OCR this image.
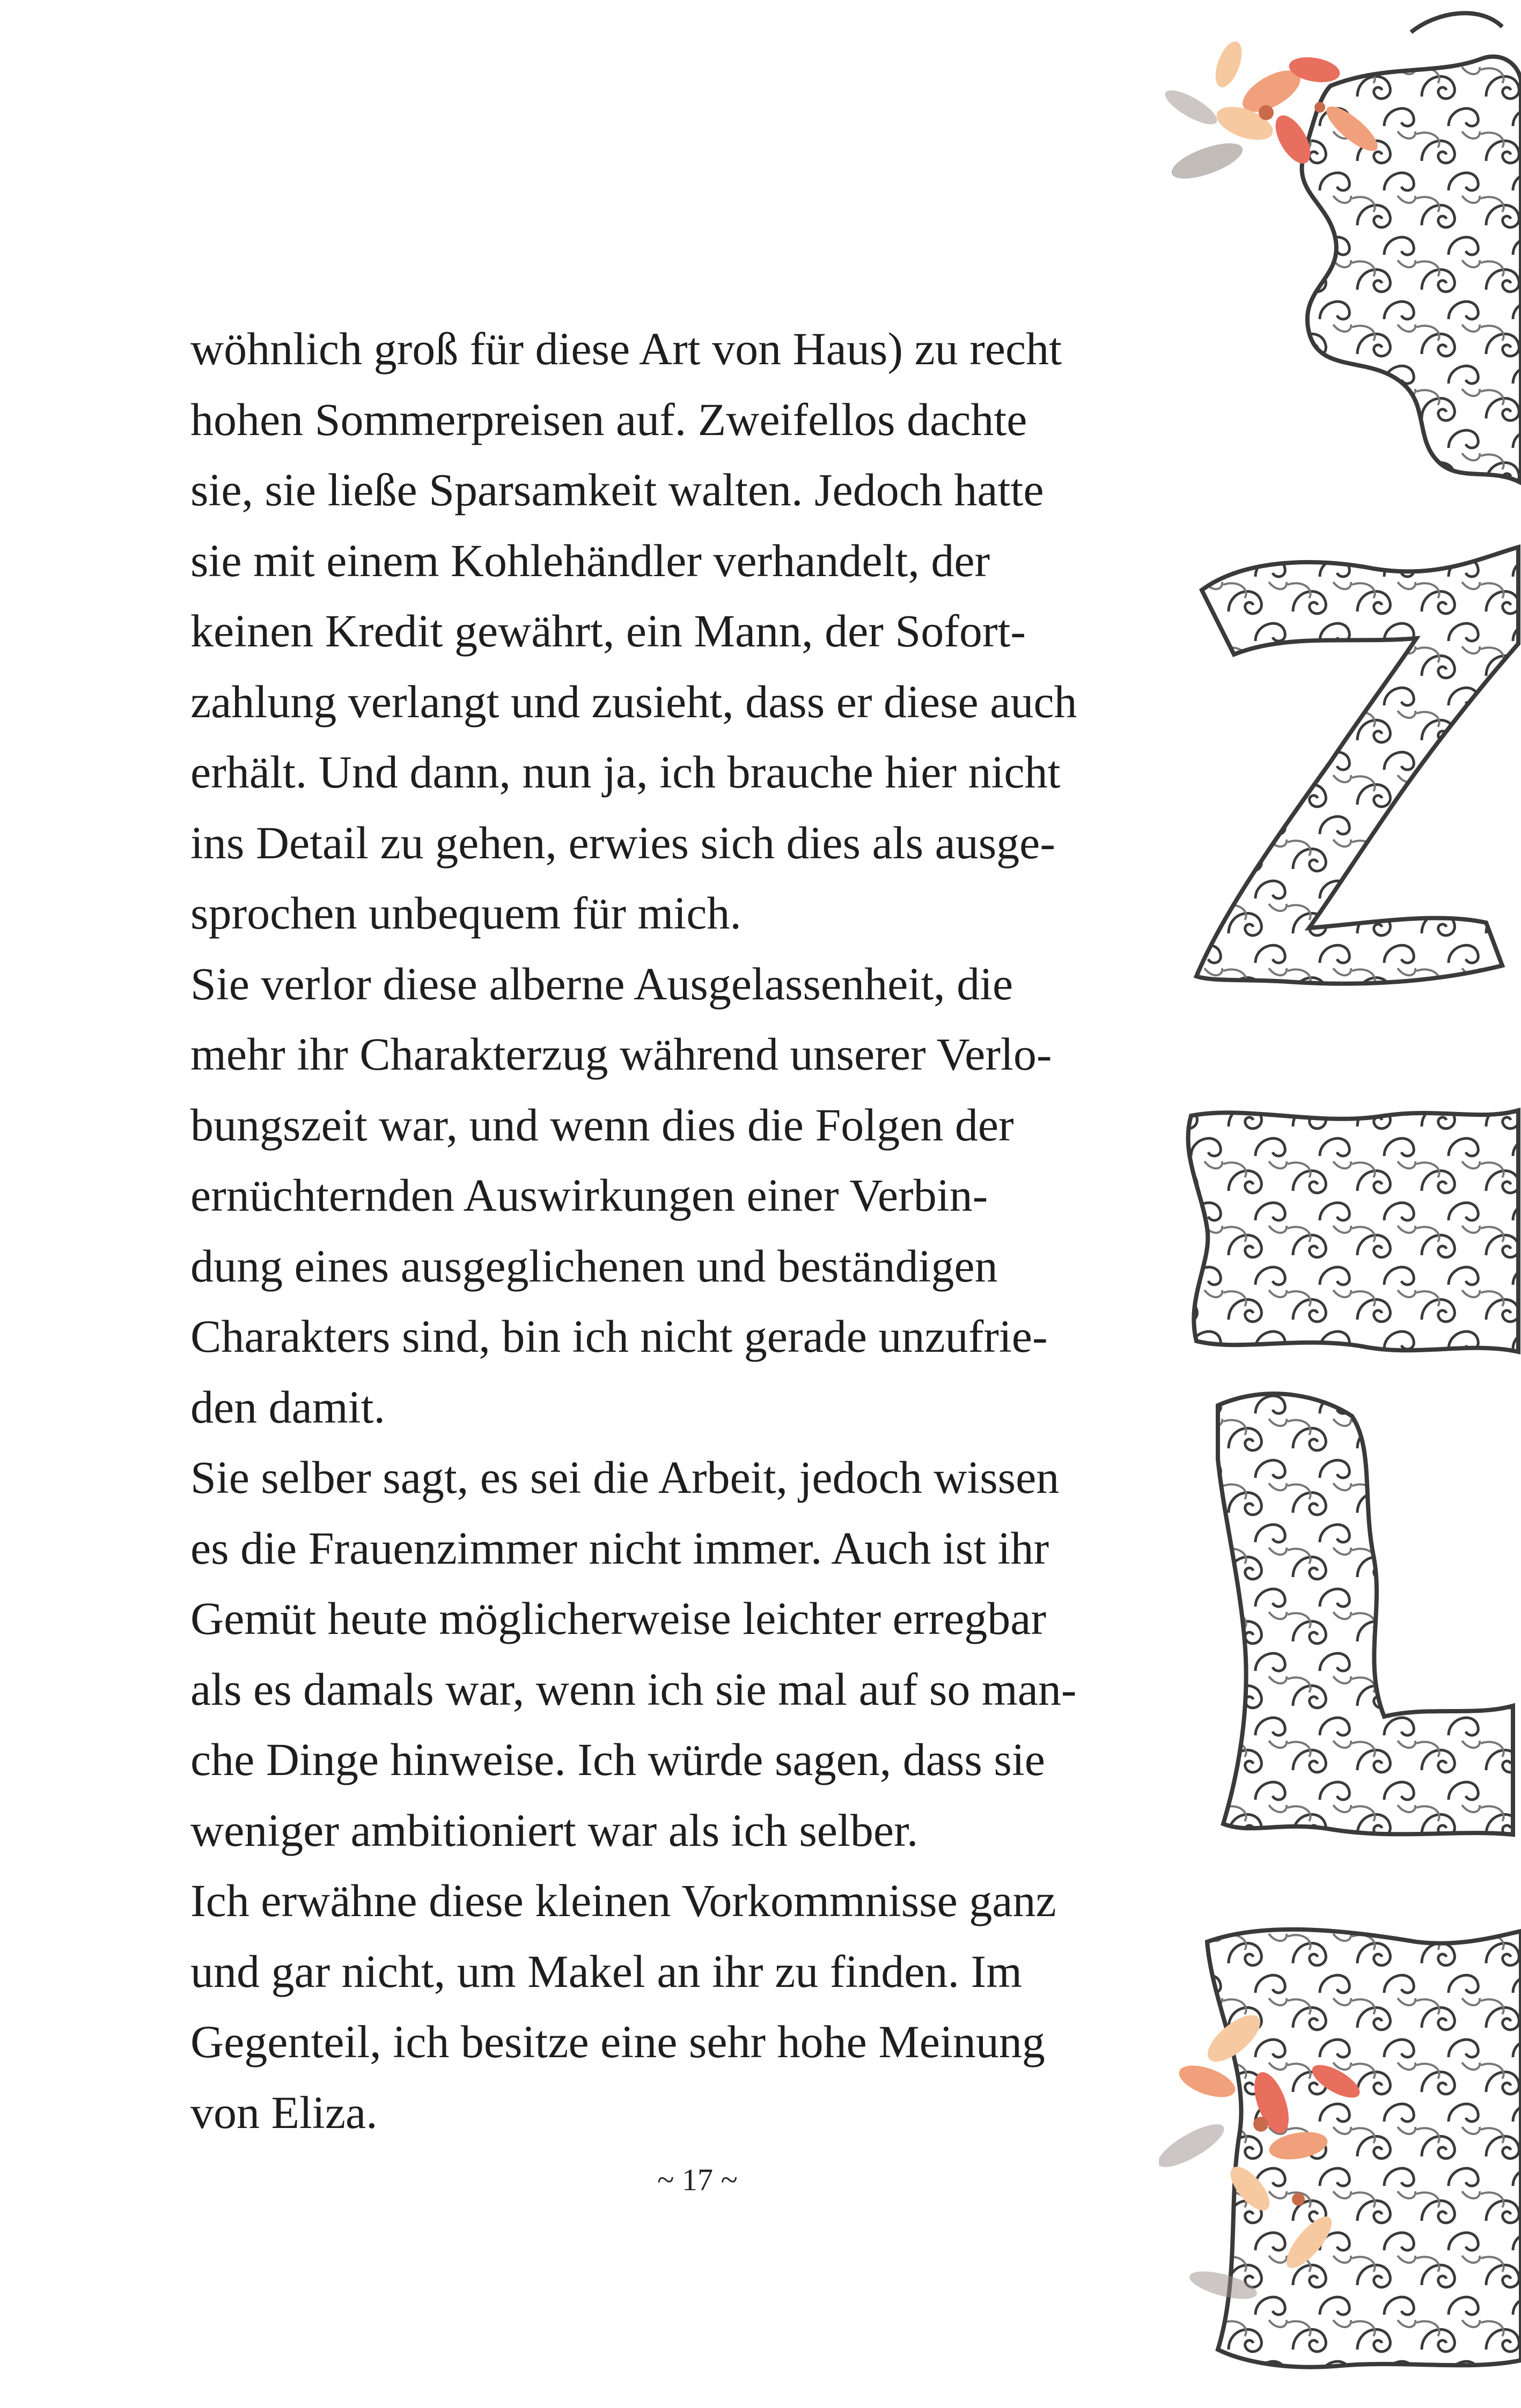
wöhnlich groß für diese Art von Haus) zu recht
hohen Sommerpreisen auf. Zweifellos dachte
sie, sie ließe Sparsamkeit walten. Jedoch hatte
sie mit einem Kohlehändler verhandelt, der
keinen Kredit gewährt, ein Mann, der Sofort-
zahlung verlangt und zusieht, dass er diese auch
erhält. Und dann, nun ja, ich brauche hier nicht
ins Detail zu gehen, erwies sich dies als ausge-
sprochen unbequem für mich.
Sie verlor diese alberne Ausgelassenheit, die
mehr ihr Charakterzug während unserer Verlo-
bungszeit war, und wenn dies die Folgen der
ernüchternden Auswirkungen einer Verbin-
dung eines ausgeglichenen und beständigen
Charakters sind, bin ich nicht gerade unzufrie-
den damit.
Sie selber sagt, es sei die Arbeit, jedoch wissen
es die Frauenzimmer nicht immer. Auch ist ihr
Gemüt heute möglicherweise leichter erregbar
als es damals war, wenn ich sie mal auf so man-
che Dinge hinweise. Ich würde sagen, dass sie
weniger ambitioniert war als ich selber.
Ich erwähne diese kleinen Vorkommnisse ganz
und gar nicht, um Makel an ihr zu finden. Im
Gegenteil, ich besitze eine sehr hohe Meinung
von Eliza.
~ 17 ~
